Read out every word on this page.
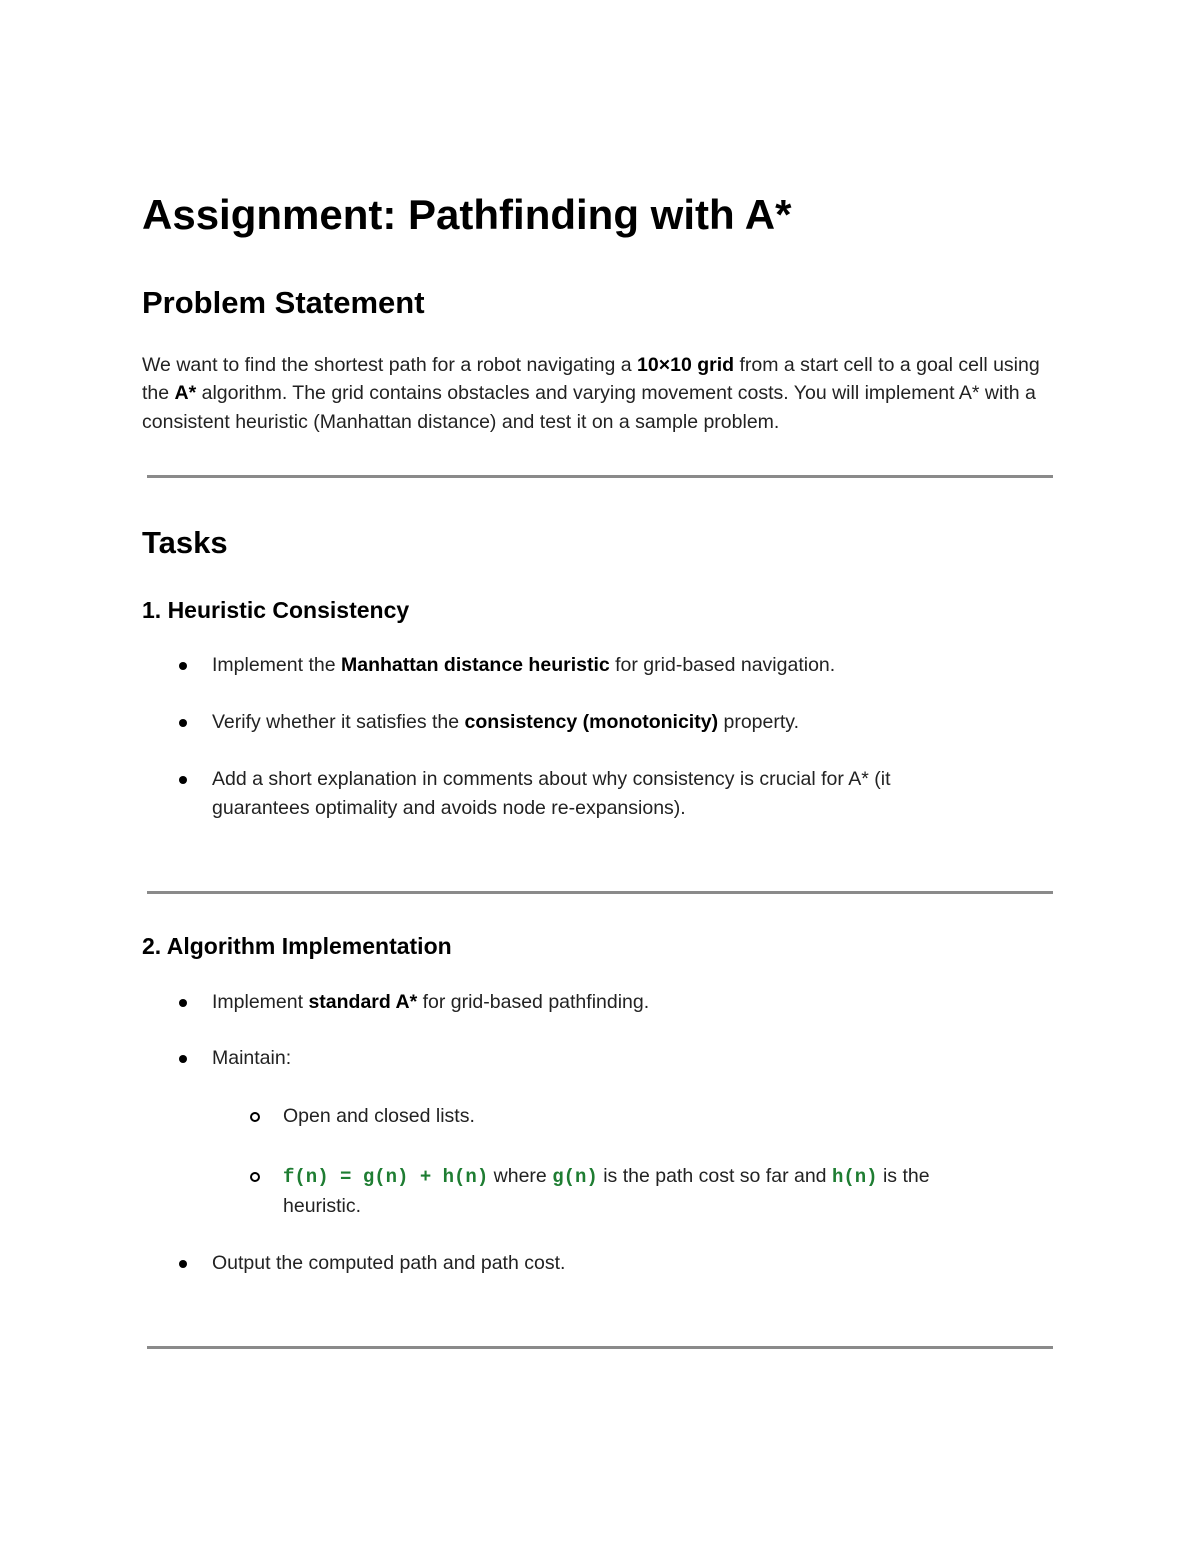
Assignment: Pathfinding with A*
Problem Statement

We want to find the shortest path for a robot navigating a 10×10 grid from a start cell to a goal cell using the A* algorithm. The grid contains obstacles and varying movement costs. You will implement A* with a consistent heuristic (Manhattan distance) and test it on a sample problem.

Tasks
1. Heuristic Consistency
Implement the Manhattan distance heuristic for grid-based navigation.
Verify whether it satisfies the consistency (monotonicity) property.
Add a short explanation in comments about why consistency is crucial for A* (it guarantees optimality and avoids node re-expansions).
2. Algorithm Implementation
Implement standard A* for grid-based pathfinding.
Maintain:
Open and closed lists.
f(n) = g(n) + h(n) where g(n) is the path cost so far and h(n) is the heuristic.
Output the computed path and path cost.
